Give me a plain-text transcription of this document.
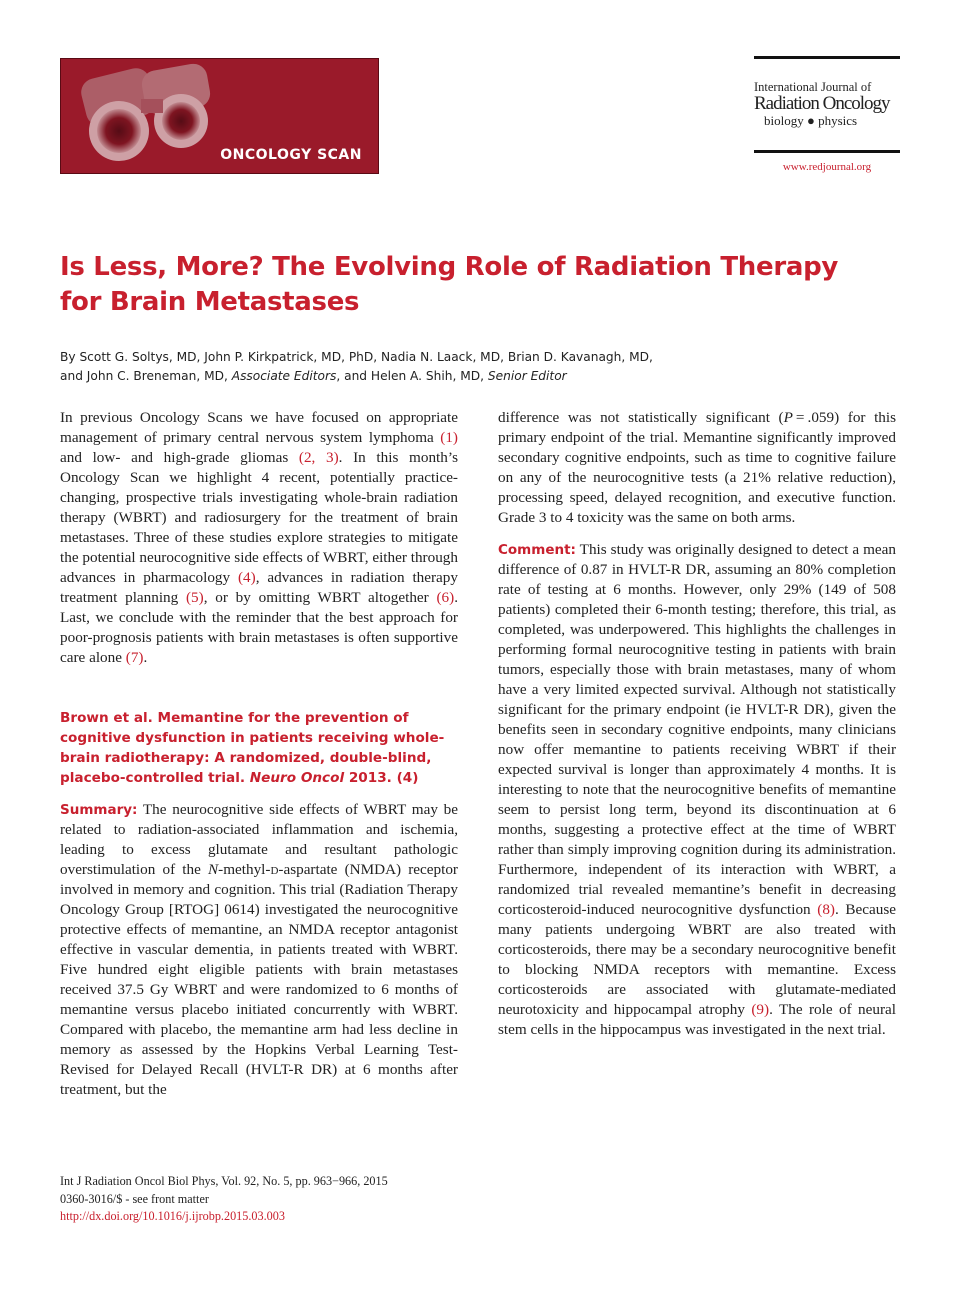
ONCOLOGY SCAN
International Journal of
Radiation Oncology
biology ● physics
www.redjournal.org
Is Less, More? The Evolving Role of Radiation Therapy
for Brain Metastases
By Scott G. Soltys, MD, John P. Kirkpatrick, MD, PhD, Nadia N. Laack, MD, Brian D. Kavanagh, MD,
and John C. Breneman, MD, Associate Editors, and Helen A. Shih, MD, Senior Editor

In previous Oncology Scans we have focused on appropriate management of primary central nervous system lymphoma (1) and low- and high-grade gliomas (2, 3). In this month’s Oncology Scan we highlight 4 recent, potentially practice-changing, prospective trials investigating whole-brain radiation therapy (WBRT) and radiosurgery for the treatment of brain metastases. Three of these studies explore strategies to mitigate the potential neurocognitive side effects of WBRT, either through advances in pharmacology (4), advances in radiation therapy treatment planning (5), or by omitting WBRT altogether (6). Last, we conclude with the reminder that the best approach for poor-prognosis patients with brain metastases is often supportive care alone (7).

Brown et al. Memantine for the prevention of cognitive dysfunction in patients receiving whole-brain radiotherapy: A randomized, double-blind, placebo-controlled trial. Neuro Oncol 2013. (4)

Summary: The neurocognitive side effects of WBRT may be related to radiation-associated inflammation and ischemia, leading to excess glutamate and resultant pathologic overstimulation of the N-methyl-d-aspartate (NMDA) receptor involved in memory and cognition. This trial (Radiation Therapy Oncology Group [RTOG] 0614) investigated the neurocognitive protective effects of memantine, an NMDA receptor antagonist effective in vascular dementia, in patients treated with WBRT. Five hundred eight eligible patients with brain metastases received 37.5 Gy WBRT and were randomized to 6 months of memantine versus placebo initiated concurrently with WBRT. Compared with placebo, the memantine arm had less decline in memory as assessed by the Hopkins Verbal Learning Test-Revised for Delayed Recall (HVLT-R DR) at 6 months after treatment, but the

difference was not statistically significant (P = .059) for this primary endpoint of the trial. Memantine significantly improved secondary cognitive endpoints, such as time to cognitive failure on any of the neurocognitive tests (a 21% relative reduction), processing speed, delayed recognition, and executive function. Grade 3 to 4 toxicity was the same on both arms.

Comment: This study was originally designed to detect a mean difference of 0.87 in HVLT-R DR, assuming an 80% completion rate of testing at 6 months. However, only 29% (149 of 508 patients) completed their 6-month testing; therefore, this trial, as completed, was underpowered. This highlights the challenges in performing formal neurocognitive testing in patients with brain tumors, especially those with brain metastases, many of whom have a very limited expected survival. Although not statistically significant for the primary endpoint (ie HVLT-R DR), given the benefits seen in secondary cognitive endpoints, many clinicians now offer memantine to patients receiving WBRT if their expected survival is longer than approximately 4 months. It is interesting to note that the neurocognitive benefits of memantine seem to persist long term, beyond its discontinuation at 6 months, suggesting a protective effect at the time of WBRT rather than simply improving cognition during its administration. Furthermore, independent of its interaction with WBRT, a randomized trial revealed memantine’s benefit in decreasing corticosteroid-induced neurocognitive dysfunction (8). Because many patients undergoing WBRT are also treated with corticosteroids, there may be a secondary neurocognitive benefit to blocking NMDA receptors with memantine. Excess corticosteroids are associated with glutamate-mediated neurotoxicity and hippocampal atrophy (9). The role of neural stem cells in the hippocampus was investigated in the next trial.

Int J Radiation Oncol Biol Phys, Vol. 92, No. 5, pp. 963−966, 2015
0360-3016/$ - see front matter
http://dx.doi.org/10.1016/j.ijrobp.2015.03.003
